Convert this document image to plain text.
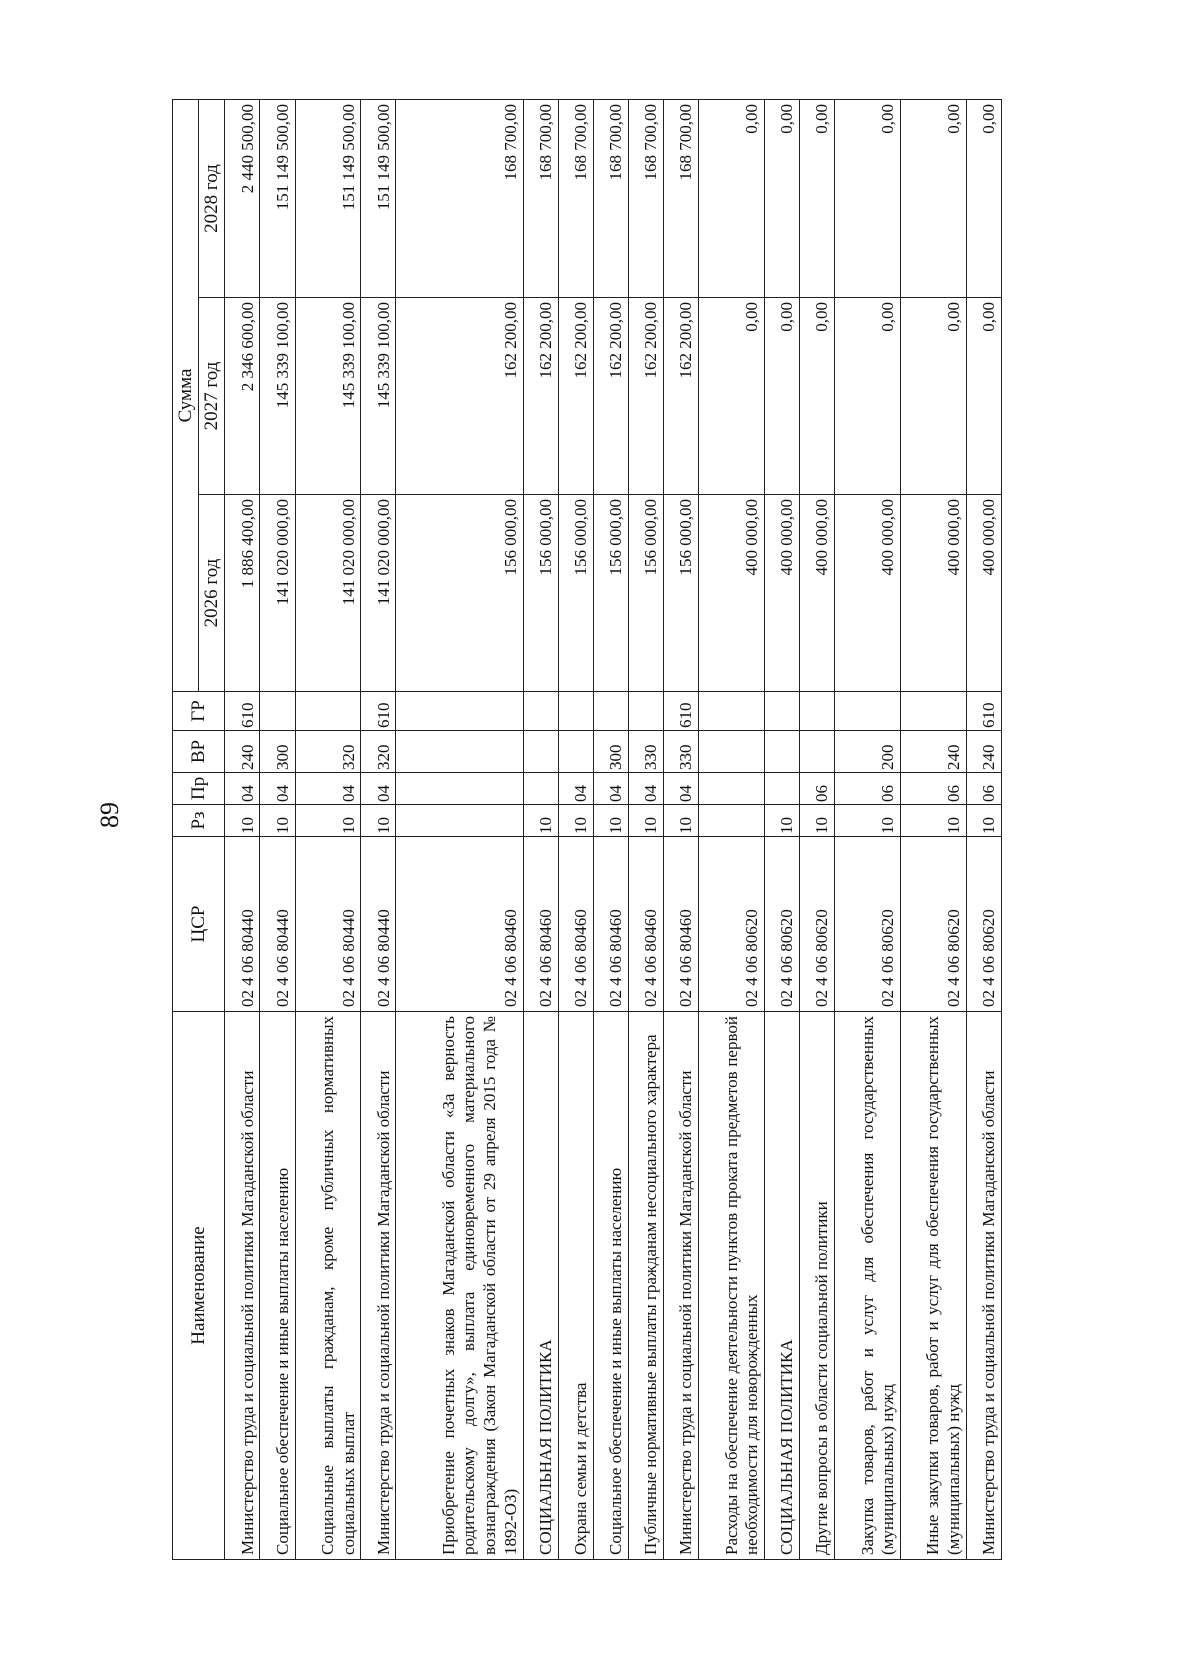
89
Наименование	ЦСР	Рз	Пр	ВР	ГР	Сумма		
						2026 год	2027 год	2028 год
Министерство труда и социальной политики Магаданской области	02 4 06 80440	10	04	240	610	1 886 400,00	2 346 600,00	2 440 500,00
Социальное обеспечение и иные выплаты населению	02 4 06 80440	10	04	300		141 020 000,00	145 339 100,00	151 149 500,00
Социальные выплаты гражданам, кроме публичных нормативных социальных выплат	02 4 06 80440	10	04	320		141 020 000,00	145 339 100,00	151 149 500,00
Министерство труда и социальной политики Магаданской области	02 4 06 80440	10	04	320	610	141 020 000,00	145 339 100,00	151 149 500,00
Приобретение почетных знаков Магаданской области «За верность родительскому долгу», выплата единовременного материального вознаграждения (Закон Магаданской области от 29 апреля 2015 года № 1892-ОЗ)	02 4 06 80460					156 000,00	162 200,00	168 700,00
СОЦИАЛЬНАЯ ПОЛИТИКА	02 4 06 80460	10				156 000,00	162 200,00	168 700,00
Охрана семьи и детства	02 4 06 80460	10	04			156 000,00	162 200,00	168 700,00
Социальное обеспечение и иные выплаты населению	02 4 06 80460	10	04	300		156 000,00	162 200,00	168 700,00
Публичные нормативные выплаты гражданам несоциального характера	02 4 06 80460	10	04	330		156 000,00	162 200,00	168 700,00
Министерство труда и социальной политики Магаданской области	02 4 06 80460	10	04	330	610	156 000,00	162 200,00	168 700,00
Расходы на обеспечение деятельности пунктов проката предметов первой необходимости для новорожденных	02 4 06 80620					400 000,00	0,00	0,00
СОЦИАЛЬНАЯ ПОЛИТИКА	02 4 06 80620	10				400 000,00	0,00	0,00
Другие вопросы в области социальной политики	02 4 06 80620	10	06			400 000,00	0,00	0,00
Закупка товаров, работ и услуг для обеспечения государственных (муниципальных) нужд	02 4 06 80620	10	06	200		400 000,00	0,00	0,00
Иные закупки товаров, работ и услуг для обеспечения государственных (муниципальных) нужд	02 4 06 80620	10	06	240		400 000,00	0,00	0,00
Министерство труда и социальной политики Магаданской области	02 4 06 80620	10	06	240	610	400 000,00	0,00	0,00
